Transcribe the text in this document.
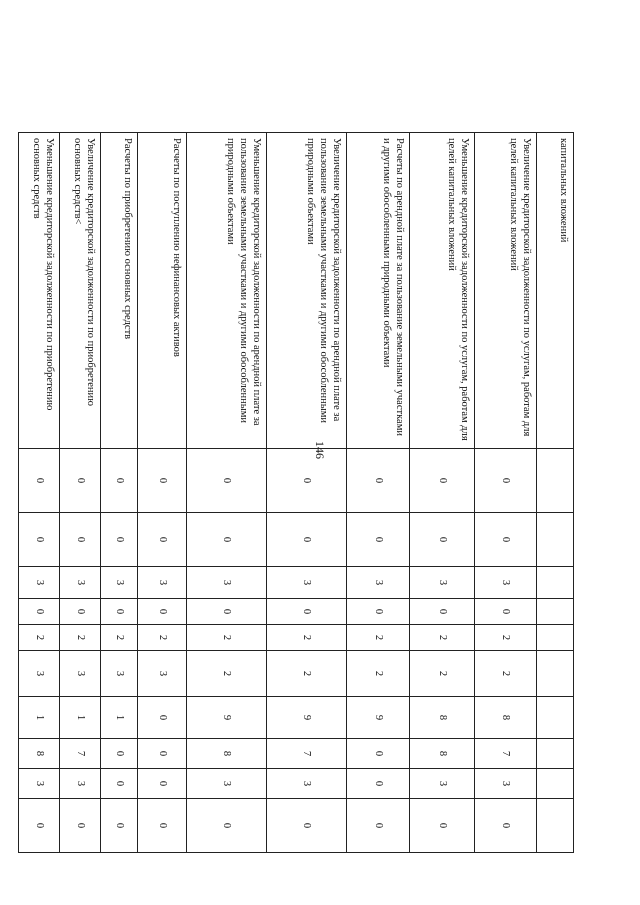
146
капитальных вложений										
Увеличение кредиторской задолженности по услугам, работам для целей капитальных вложений	0	0	3	0	2	2	8	7	3	0
Уменьшение кредиторской задолженности по услугам, работам для целей капитальных вложений	0	0	3	0	2	2	8	8	3	0
Расчеты по арендной плате за пользование земельными участками и другими обособленными природными объектами	0	0	3	0	2	2	9	0	0	0
Увеличение кредиторской задолженности по арендной плате за пользование земельными участками и другими обособленными природными объектами	0	0	3	0	2	2	9	7	3	0
Уменьшение кредиторской задолженности по арендной плате за пользование земельными участками и другими обособленными природными объектами	0	0	3	0	2	2	9	8	3	0
Расчеты по поступлению нефинансовых активов	0	0	3	0	2	3	0	0	0	0
Расчеты по приобретению основных средств	0	0	3	0	2	3	1	0	0	0
Увеличение кредиторской задолженности по приобретению основных средств<	0	0	3	0	2	3	1	7	3	0
Уменьшение кредиторской задолженности по приобретению основных средств	0	0	3	0	2	3	1	8	3	0
